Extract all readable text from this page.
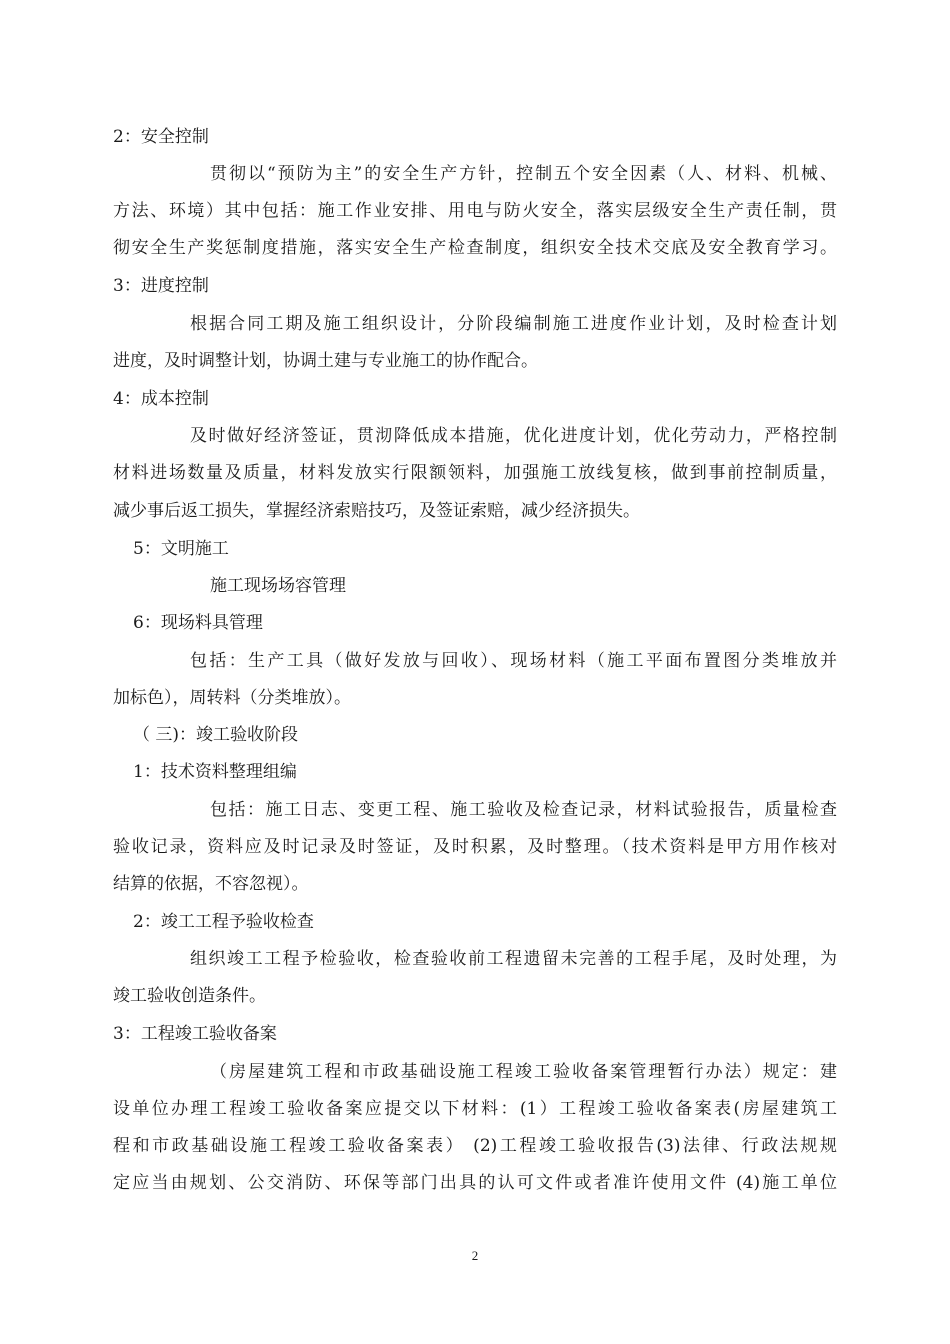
2：安全控制
贯彻以“预防为主”的安全生产方针，控制五个安全因素（人、材料、机械、
方法、环境）其中包括：施工作业安排、用电与防火安全，落实层级安全生产责任制，贯
彻安全生产奖惩制度措施，落实安全生产检查制度，组织安全技术交底及安全教育学习。
3：进度控制
根据合同工期及施工组织设计，分阶段编制施工进度作业计划，及时检查计划
进度，及时调整计划，协调土建与专业施工的协作配合。
4：成本控制
及时做好经济签证，贯沏降低成本措施，优化进度计划，优化劳动力，严格控制
材料进场数量及质量，材料发放实行限额领料，加强施工放线复核，做到事前控制质量，
减少事后返工损失，掌握经济索赔技巧，及签证索赔，减少经济损失。
5：文明施工
施工现场场容管理
6：现场料具管理
包括：生产工具（做好发放与回收）、现场材料（施工平面布置图分类堆放并
加标色），周转料（分类堆放）。
（ 三)：竣工验收阶段
1：技术资料整理组编
包括：施工日志、变更工程、施工验收及检查记录，材料试验报告，质量检查
验收记录，资料应及时记录及时签证，及时积累，及时整理。（技术资料是甲方用作核对
结算的依据，不容忽视）。
2：竣工工程予验收检查
组织竣工工程予检验收，检查验收前工程遗留未完善的工程手尾，及时处理，为
竣工验收创造条件。
3：工程竣工验收备案
（房屋建筑工程和市政基础设施工程竣工验收备案管理暂行办法）规定：建
设单位办理工程竣工验收备案应提交以下材料：(1）工程竣工验收备案表(房屋建筑工
程和市政基础设施工程竣工验收备案表） (2)工程竣工验收报告(3)法律、行政法规规
定应当由规划、公交消防、环保等部门出具的认可文件或者准许使用文件 (4)施工单位
2
